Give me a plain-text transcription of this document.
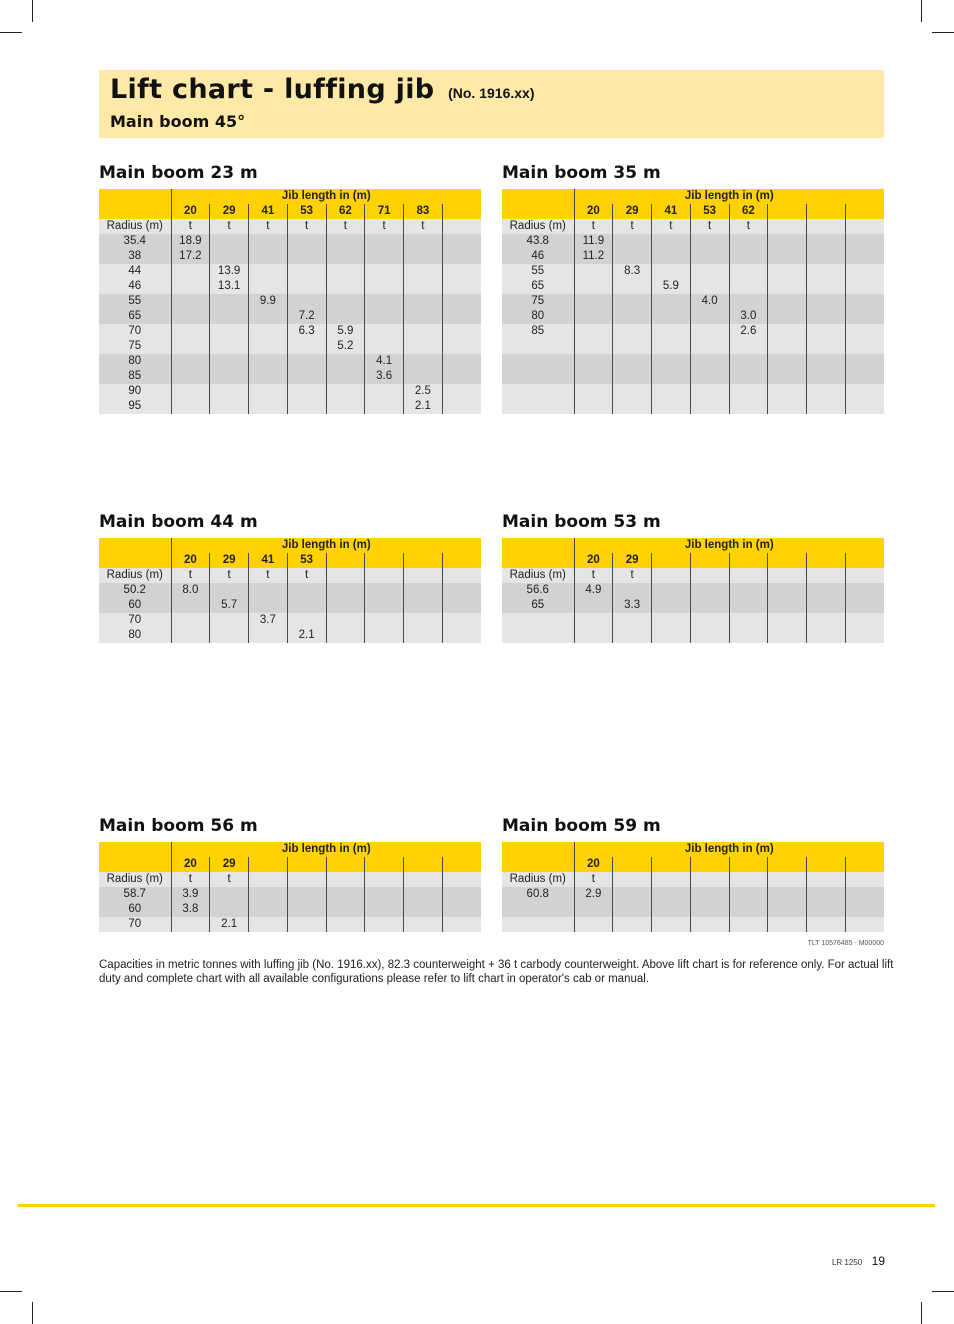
Lift chart - luffing jib (No. 1916.xx)
Main boom 45°
Main boom 23 m
	Jib length in (m)							
	20	29	41	53	62	71	83	
Radius (m)	t	t	t	t	t	t	t	
35.4	18.9							
38	17.2							
44		13.9						
46		13.1						
55			9.9					
65				7.2				
70				6.3	5.9			
75					5.2			
80						4.1		
85						3.6		
90							2.5	
95							2.1	
Main boom 35 m
	Jib length in (m)							
	20	29	41	53	62			
Radius (m)	t	t	t	t	t			
43.8	11.9							
46	11.2							
55		8.3						
65			5.9					
75				4.0				
80					3.0			
85					2.6			

Main boom 44 m
	Jib length in (m)							
	20	29	41	53				
Radius (m)	t	t	t	t				
50.2	8.0							
60		5.7						
70			3.7					
80				2.1				
Main boom 53 m
	Jib length in (m)							
	20	29						
Radius (m)	t	t						
56.6	4.9							
65		3.3						

Main boom 56 m
	Jib length in (m)							
	20	29						
Radius (m)	t	t						
58.7	3.9							
60	3.8							
70		2.1						
Main boom 59 m
	Jib length in (m)							
	20							
Radius (m)	t							
60.8	2.9							

TLT 10576485 - M00000
Capacities in metric tonnes with luffing jib (No. 1916.xx), 82.3 counterweight + 36 t carbody counterweight. Above lift chart is for reference only. For actual lift duty and complete chart with all available configurations please refer to lift chart in operator's cab or manual.
LR 1250 19
